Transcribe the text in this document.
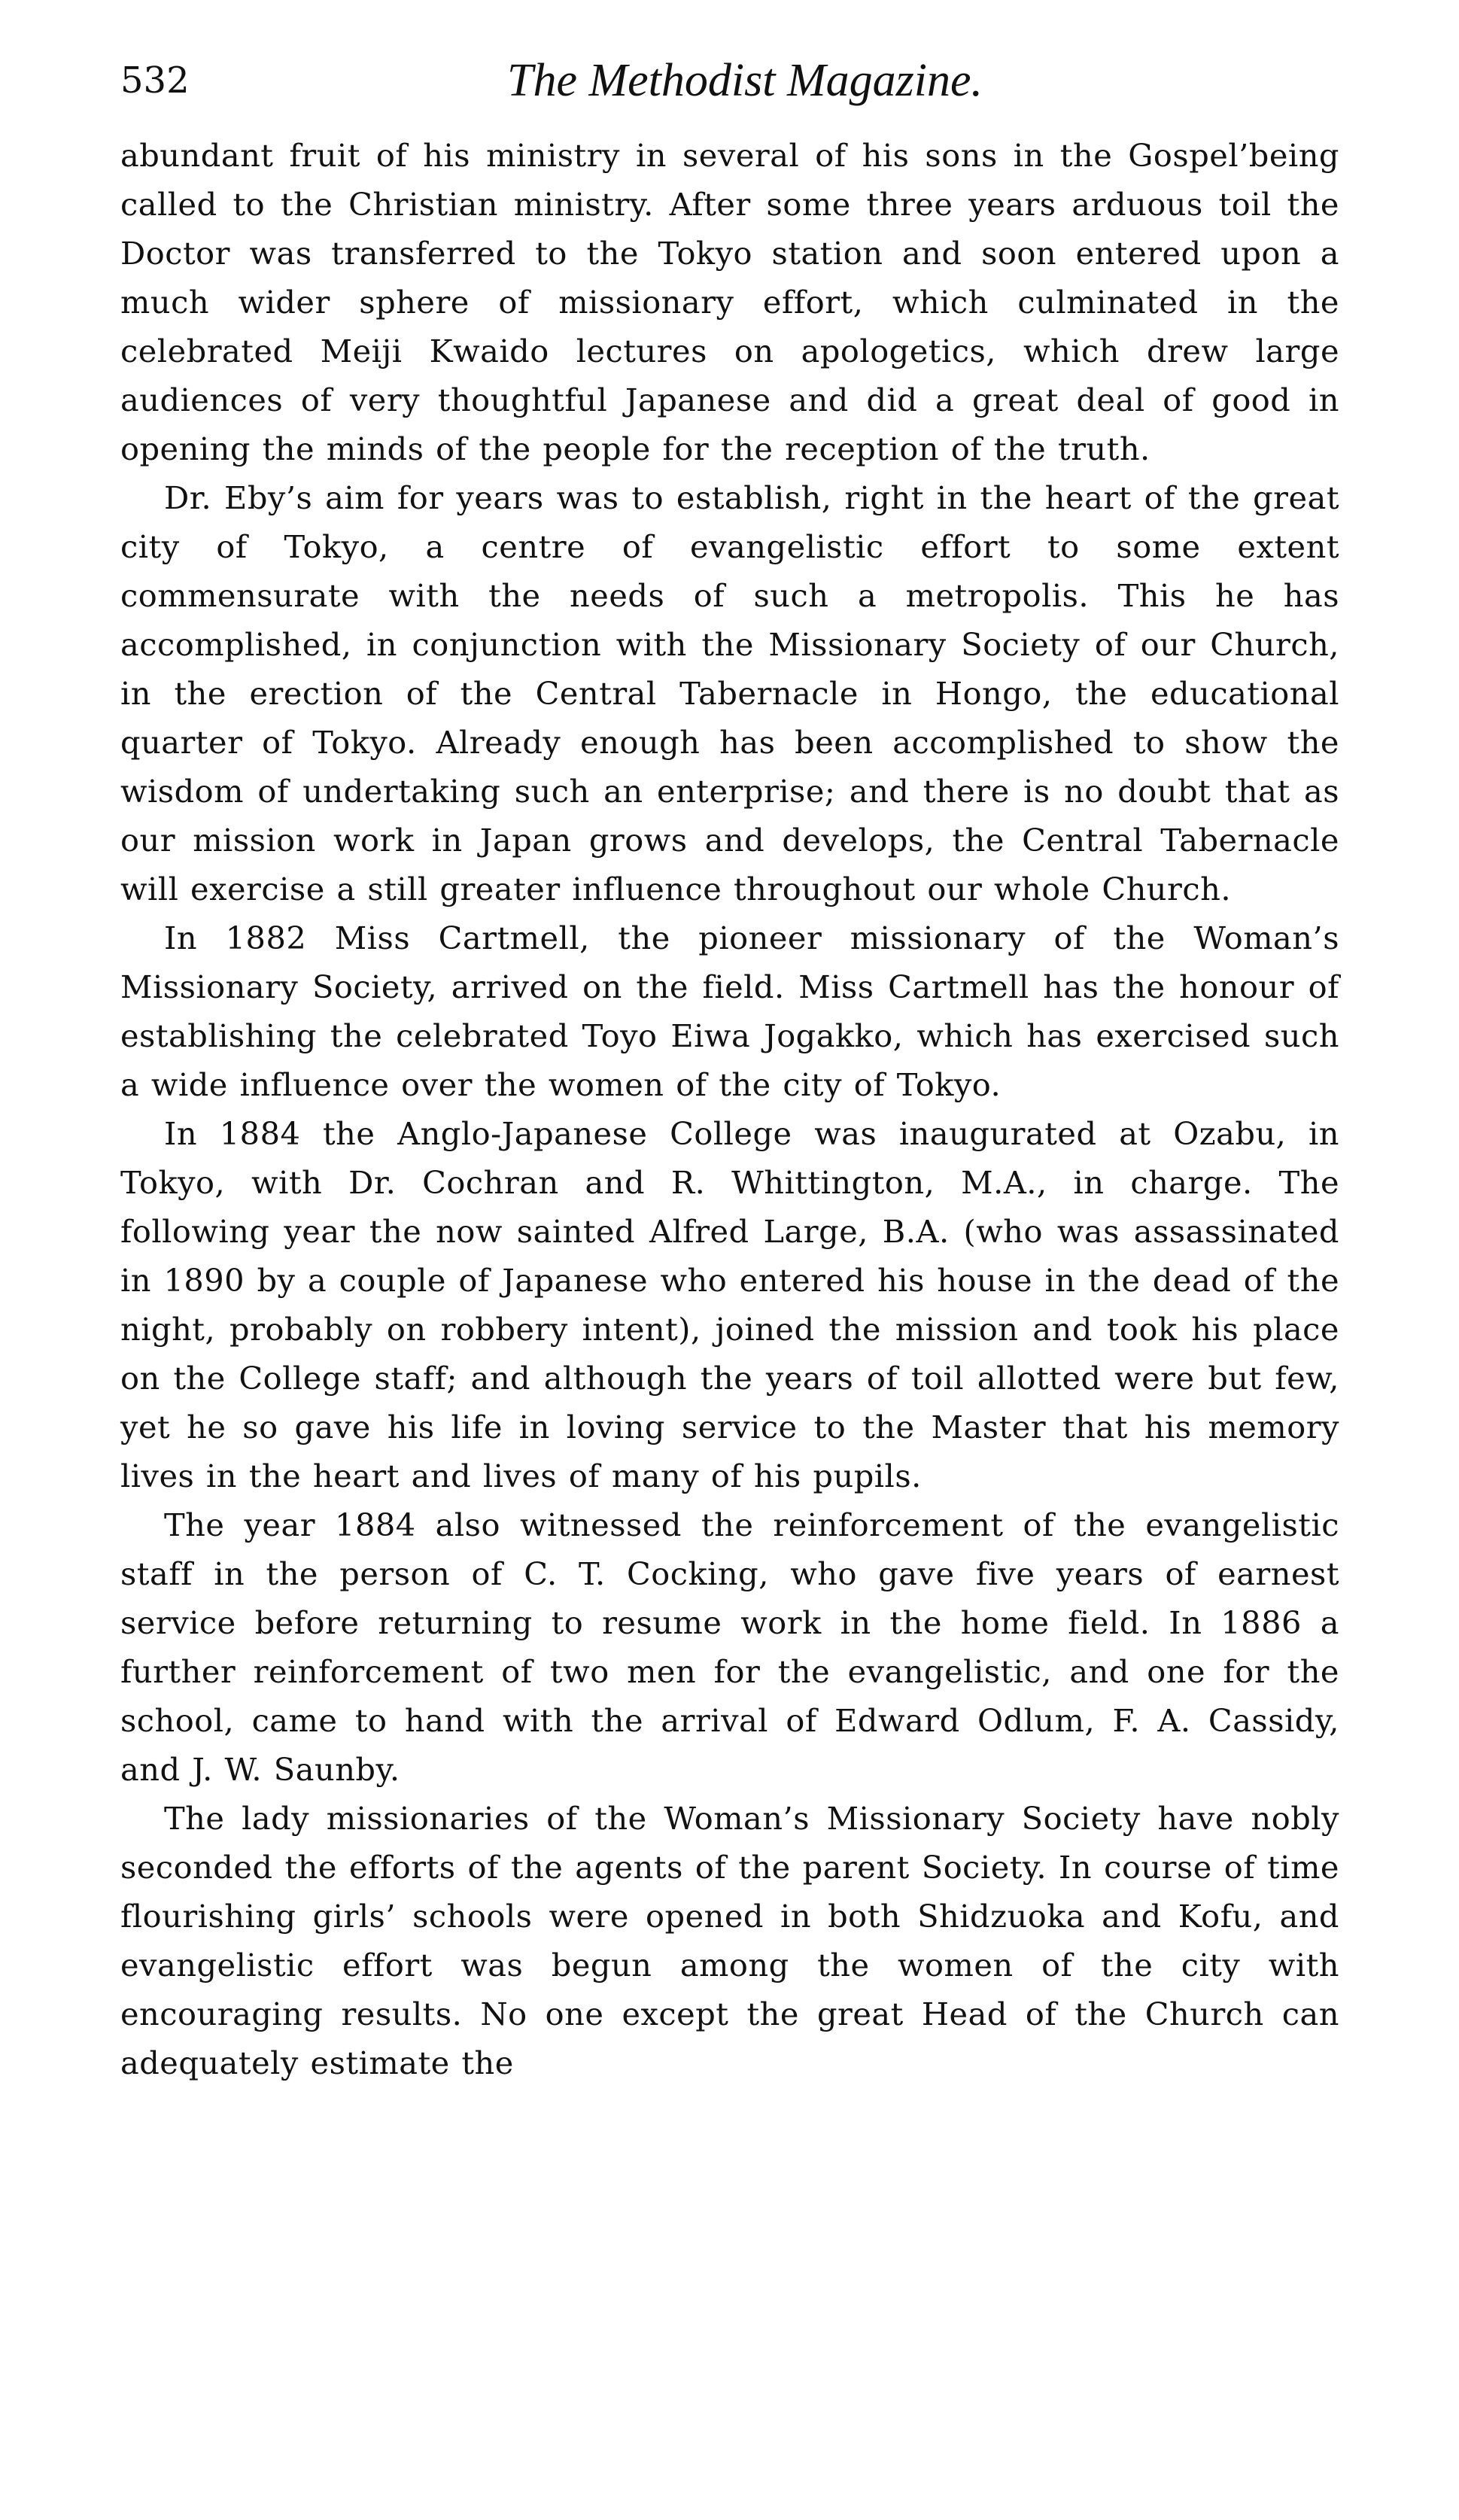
532	The Methodist Magazine.

abundant fruit of his ministry in several of his sons in the Gospel’being called to the Christian ministry. After some three years arduous toil the Doctor was transferred to the Tokyo station and soon entered upon a much wider sphere of missionary effort, which culminated in the celebrated Meiji Kwaido lectures on apologetics, which drew large audiences of very thoughtful Japanese and did a great deal of good in opening the minds of the people for the reception of the truth.

Dr. Eby’s aim for years was to establish, right in the heart of the great city of Tokyo, a centre of evangelistic effort to some extent commensurate with the needs of such a metropolis. This he has accomplished, in conjunction with the Missionary Society of our Church, in the erection of the Central Tabernacle in Hongo, the educational quarter of Tokyo. Already enough has been accomplished to show the wisdom of undertaking such an enterprise; and there is no doubt that as our mission work in Japan grows and develops, the Central Tabernacle will exercise a still greater influence throughout our whole Church.

In 1882 Miss Cartmell, the pioneer missionary of the Woman’s Missionary Society, arrived on the field. Miss Cartmell has the honour of establishing the celebrated Toyo Eiwa Jogakko, which has exercised such a wide influence over the women of the city of Tokyo.

In 1884 the Anglo-Japanese College was inaugurated at Ozabu, in Tokyo, with Dr. Cochran and R. Whittington, M.A., in charge. The following year the now sainted Alfred Large, B.A. (who was assassinated in 1890 by a couple of Japanese who entered his house in the dead of the night, probably on robbery intent), joined the mission and took his place on the College staff; and although the years of toil allotted were but few, yet he so gave his life in loving service to the Master that his memory lives in the heart and lives of many of his pupils.

The year 1884 also witnessed the reinforcement of the evangelistic staff in the person of C. T. Cocking, who gave five years of earnest service before returning to resume work in the home field. In 1886 a further reinforcement of two men for the evangelistic, and one for the school, came to hand with the arrival of Edward Odlum, F. A. Cassidy, and J. W. Saunby.

The lady missionaries of the Woman’s Missionary Society have nobly seconded the efforts of the agents of the parent Society. In course of time flourishing girls’ schools were opened in both Shidzuoka and Kofu, and evangelistic effort was begun among the women of the city with encouraging results. No one except the great Head of the Church can adequately estimate the
